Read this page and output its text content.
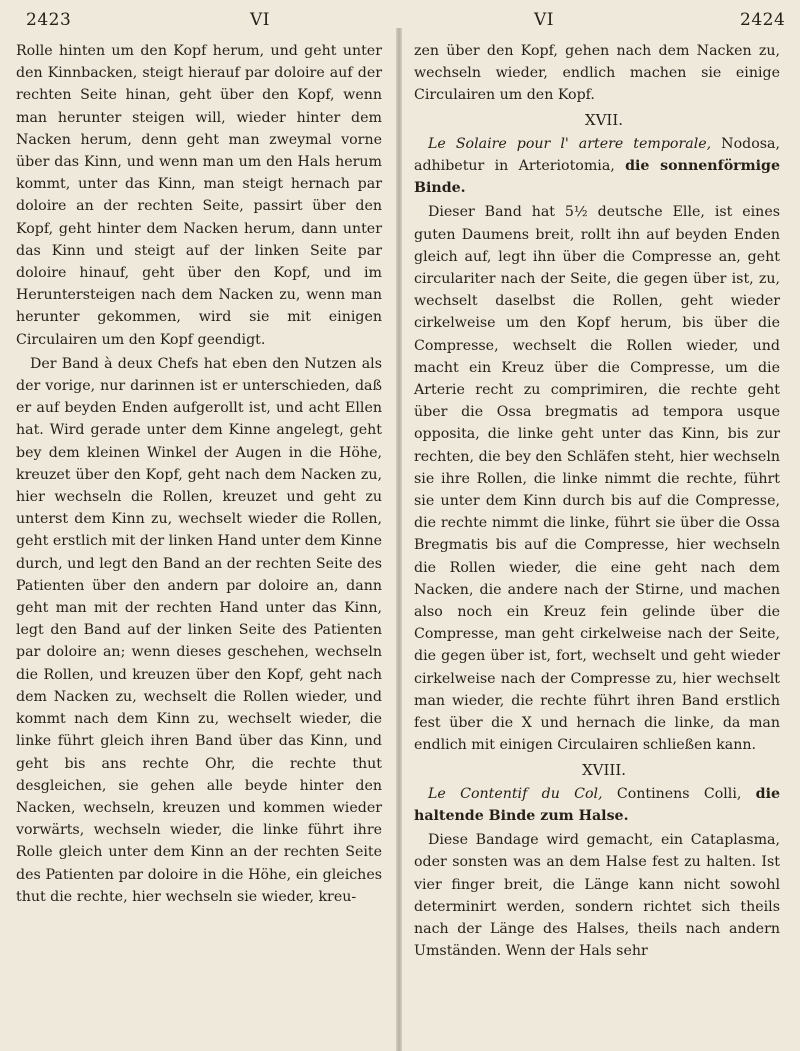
2423	VI	VI	2424

Rolle hinten um den Kopf herum, und geht unter den Kinnbacken, steigt hierauf par doloire auf der rechten Seite hinan, geht über den Kopf, wenn man herunter steigen will, wieder hinter dem Nacken herum, denn geht man zweymal vorne über das Kinn, und wenn man um den Hals herum kommt, unter das Kinn, man steigt hernach par doloire an der rechten Seite, passirt über den Kopf, geht hinter dem Nacken herum, dann unter das Kinn und steigt auf der linken Seite par doloire hinauf, geht über den Kopf, und im Heruntersteigen nach dem Nacken zu, wenn man herunter gekommen, wird sie mit einigen Circulairen um den Kopf geendigt.

Der Band à deux Chefs hat eben den Nutzen als der vorige, nur darinnen ist er unterschieden, daß er auf beyden Enden aufgerollt ist, und acht Ellen hat. Wird gerade unter dem Kinne angelegt, geht bey dem kleinen Winkel der Augen in die Höhe, kreuzet über den Kopf, geht nach dem Nacken zu, hier wechseln die Rollen, kreuzet und geht zu unterst dem Kinn zu, wechselt wieder die Rollen, geht erstlich mit der linken Hand unter dem Kinne durch, und legt den Band an der rechten Seite des Patienten über den andern par doloire an, dann geht man mit der rechten Hand unter das Kinn, legt den Band auf der linken Seite des Patienten par doloire an; wenn dieses geschehen, wechseln die Rollen, und kreuzen über den Kopf, geht nach dem Nacken zu, wechselt die Rollen wieder, und kommt nach dem Kinn zu, wechselt wieder, die linke führt gleich ihren Band über das Kinn, und geht bis ans rechte Ohr, die rechte thut desgleichen, sie gehen alle beyde hinter den Nacken, wechseln, kreuzen und kommen wieder vorwärts, wechseln wieder, die linke führt ihre Rolle gleich unter dem Kinn an der rechten Seite des Patienten par doloire in die Höhe, ein gleiches thut die rechte, hier wechseln sie wieder, kreu-

zen über den Kopf, gehen nach dem Nacken zu, wechseln wieder, endlich machen sie einige Circulairen um den Kopf.

XVII.

Le Solaire pour l' artere temporale, Nodosa, adhibetur in Arteriotomia, die sonnenförmige Binde.

Dieser Band hat 5½ deutsche Elle, ist eines guten Daumens breit, rollt ihn auf beyden Enden gleich auf, legt ihn über die Compresse an, geht circulariter nach der Seite, die gegen über ist, zu, wechselt daselbst die Rollen, geht wieder cirkelweise um den Kopf herum, bis über die Compresse, wechselt die Rollen wieder, und macht ein Kreuz über die Compresse, um die Arterie recht zu comprimiren, die rechte geht über die Ossa bregmatis ad tempora usque opposita, die linke geht unter das Kinn, bis zur rechten, die bey den Schläfen steht, hier wechseln sie ihre Rollen, die linke nimmt die rechte, führt sie unter dem Kinn durch bis auf die Compresse, die rechte nimmt die linke, führt sie über die Ossa Bregmatis bis auf die Compresse, hier wechseln die Rollen wieder, die eine geht nach dem Nacken, die andere nach der Stirne, und machen also noch ein Kreuz fein gelinde über die Compresse, man geht cirkelweise nach der Seite, die gegen über ist, fort, wechselt und geht wieder cirkelweise nach der Compresse zu, hier wechselt man wieder, die rechte führt ihren Band erstlich fest über die X und hernach die linke, da man endlich mit einigen Circulairen schließen kann.

XVIII.

Le Contentif du Col, Continens Colli, die haltende Binde zum Halse.

Diese Bandage wird gemacht, ein Cataplasma, oder sonsten was an dem Halse fest zu halten. Ist vier finger breit, die Länge kann nicht sowohl determinirt werden, sondern richtet sich theils nach der Länge des Halses, theils nach andern Umständen. Wenn der Hals sehr
